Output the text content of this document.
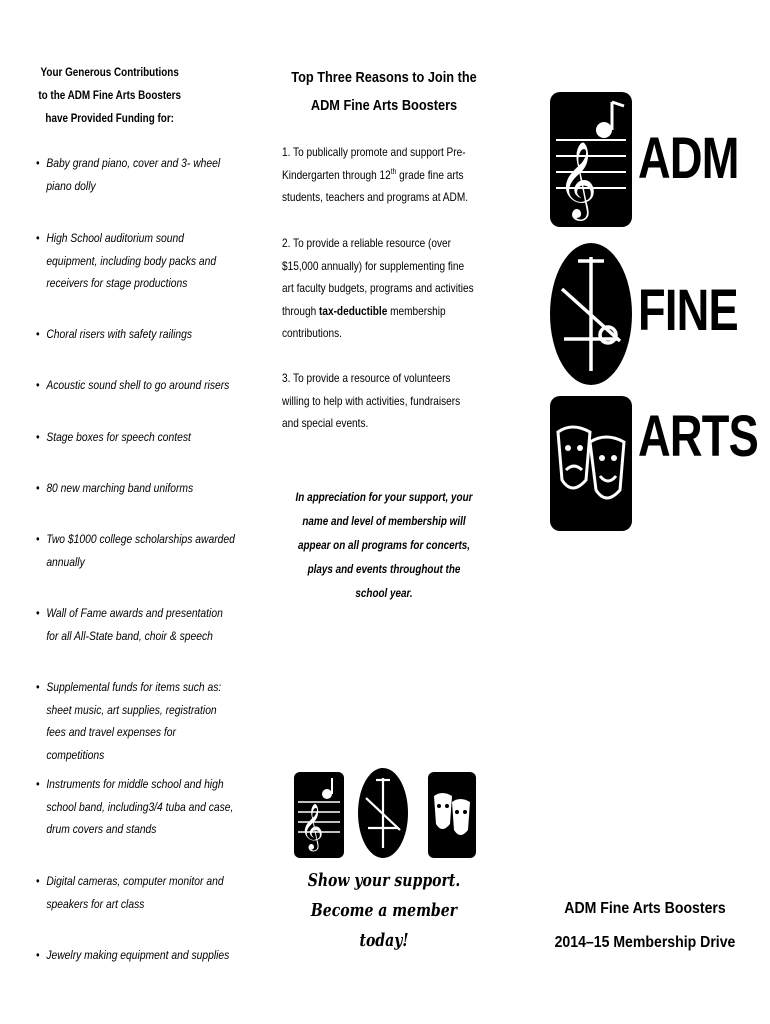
Your Generous Contributions
to the ADM Fine Arts Boosters
have Provided Funding for:
• Baby grand piano, cover and 3- wheel piano dolly
• High School auditorium sound equipment, including body packs and receivers for stage productions
• Choral risers with safety railings
• Acoustic sound shell to go around risers
• Stage boxes for speech contest
• 80 new marching band uniforms
• Two $1000 college scholarships awarded annually
• Wall of Fame awards and presentation for all All-State band, choir & speech
• Supplemental funds for items such as: sheet music, art supplies, registration fees and travel expenses for competitions
• Instruments for middle school and high school band, including3/4 tuba and case, drum covers and stands
• Digital cameras, computer monitor and speakers for art class
• Jewelry making equipment and supplies
Top Three Reasons to Join the
ADM Fine Arts Boosters
1. To publically promote and support Pre-Kindergarten through 12th grade fine arts students, teachers and programs at ADM.
2. To provide a reliable resource (over $15,000 annually) for supplementing fine art faculty budgets, programs and activities through tax-deductible membership contributions.
3. To provide a resource of volunteers willing to help with activities, fundraisers and special events.
In appreciation for your support, your name and level of membership will appear on all programs for concerts, plays and events throughout the school year.
𝄞
Show your support.
Become a member today!
𝄞 ADM
FINE
ARTS
ADM Fine Arts Boosters
2014–15 Membership Drive
